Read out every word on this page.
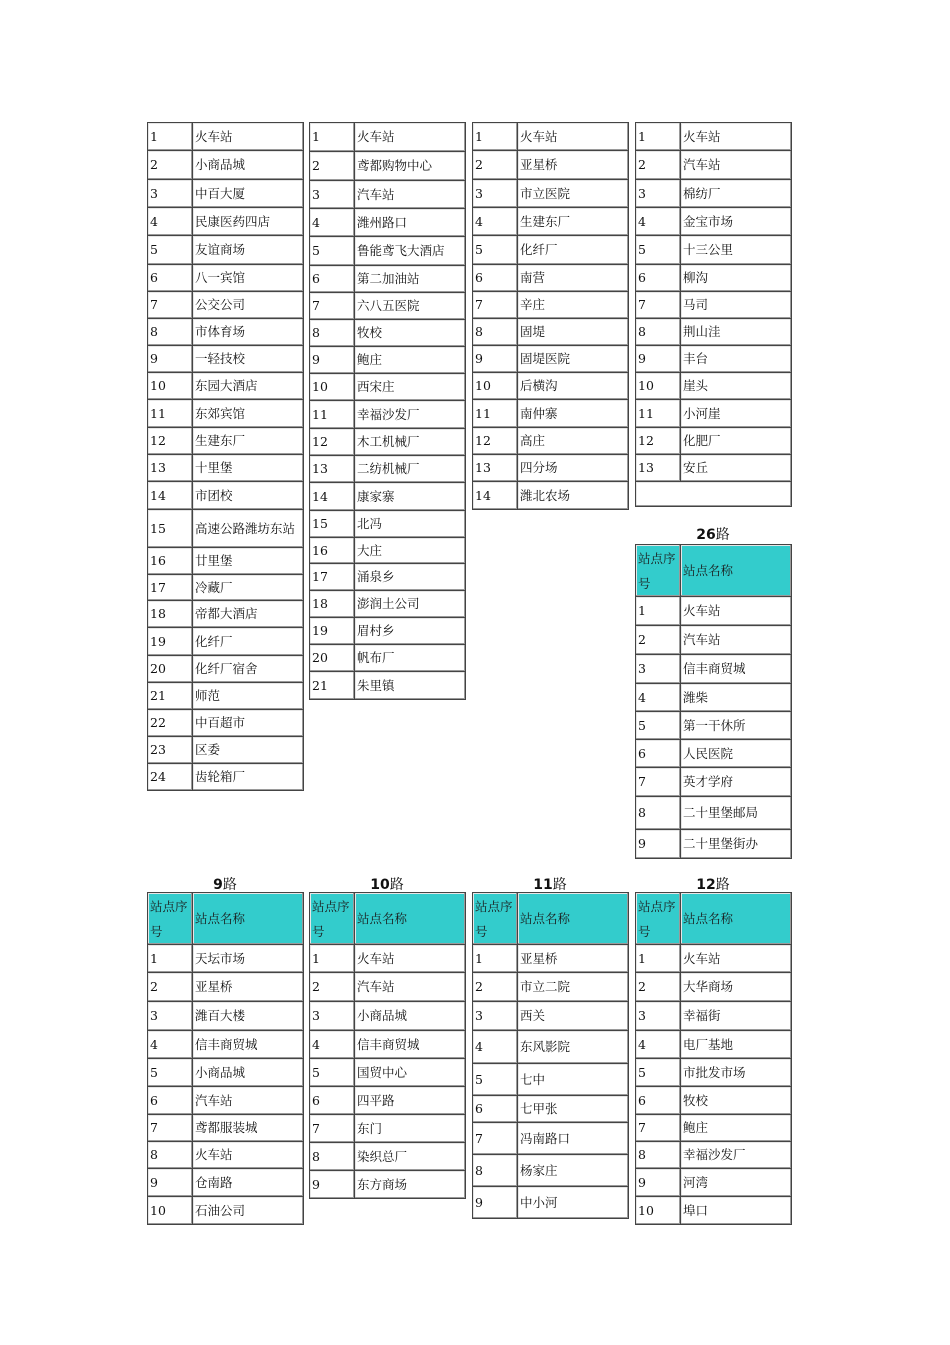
1	火车站
2	小商品城
3	中百大厦
4	民康医药四店
5	友谊商场
6	八一宾馆
7	公交公司
8	市体育场
9	一轻技校
10	东园大酒店
11	东郊宾馆
12	生建东厂
13	十里堡
14	市团校
15	高速公路潍坊东站
16	廿里堡
17	冷藏厂
18	帝都大酒店
19	化纤厂
20	化纤厂宿舍
21	师范
22	中百超市
23	区委
24	齿轮箱厂
1	火车站
2	鸢都购物中心
3	汽车站
4	潍州路口
5	鲁能鸢飞大酒店
6	第二加油站
7	六八五医院
8	牧校
9	鲍庄
10	西宋庄
11	幸福沙发厂
12	木工机械厂
13	二纺机械厂
14	康家寨
15	北冯
16	大庄
17	涌泉乡
18	澎润土公司
19	眉村乡
20	帆布厂
21	朱里镇
1	火车站
2	亚星桥
3	市立医院
4	生建东厂
5	化纤厂
6	南营
7	辛庄
8	固堤
9	固堤医院
10	后横沟
11	南仲寨
12	高庄
13	四分场
14	潍北农场
1	火车站
2	汽车站
3	棉纺厂
4	金宝市场
5	十三公里
6	柳沟
7	马司
8	荆山洼
9	丰台
10	崖头
11	小河崖
12	化肥厂
13	安丘

26路
站点序号	站点名称
1	火车站
2	汽车站
3	信丰商贸城
4	潍柴
5	第一干休所
6	人民医院
7	英才学府
8	二十里堡邮局
9	二十里堡街办
9路
站点序号	站点名称
1	天坛市场
2	亚星桥
3	潍百大楼
4	信丰商贸城
5	小商品城
6	汽车站
7	鸢都服装城
8	火车站
9	仓南路
10	石油公司
10路
站点序号	站点名称
1	火车站
2	汽车站
3	小商品城
4	信丰商贸城
5	国贸中心
6	四平路
7	东门
8	染织总厂
9	东方商场
11路
站点序号	站点名称
1	亚星桥
2	市立二院
3	西关
4	东风影院
5	七中
6	七甲张
7	冯南路口
8	杨家庄
9	中小河
12路
站点序号	站点名称
1	火车站
2	大华商场
3	幸福街
4	电厂基地
5	市批发市场
6	牧校
7	鲍庄
8	幸福沙发厂
9	河湾
10	埠口
